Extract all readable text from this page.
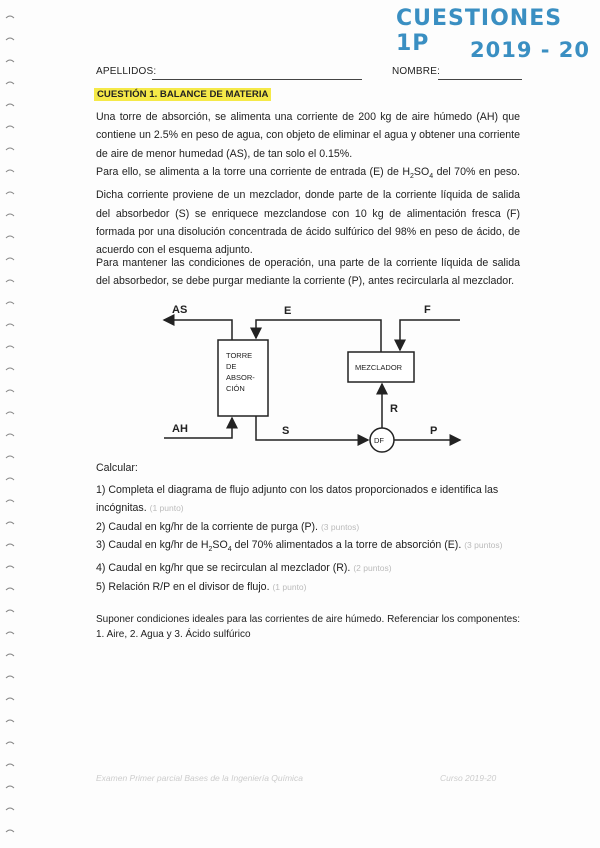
CUESTIONES 1P	2019 - 20
APELLIDOS:	NOMBRE:
CUESTIÓN 1. BALANCE DE MATERIA
Una torre de absorción, se alimenta una corriente de 200 kg de aire húmedo (AH) que contiene un 2.5% en peso de agua, con objeto de eliminar el agua y obtener una corriente de aire de menor humedad (AS), de tan solo el 0.15%.
Para ello, se alimenta a la torre una corriente de entrada (E) de $H_2SO_4$ del 70% en peso. Dicha corriente proviene de un mezclador, donde parte de la corriente líquida de salida del absorbedor (S) se enriquece mezclandose con 10 kg de alimentación fresca (F) formada por una disolución concentrada de ácido sulfúrico del 98% en peso de ácido, de acuerdo con el esquema adjunto.
Para mantener las condiciones de operación, una parte de la corriente líquida de salida del absorbedor, se debe purgar mediante la corriente (P), antes recircularla al mezclador.
AS	E	F
AH	S
R
P
TORRE
DE
ABSOR-
CIÓN
MEZCLADOR
DF
Calcular:

1) Completa el diagrama de flujo adjunto con los datos proporcionados e identifica las incógnitas. (1 punto)

2) Caudal en kg/hr de la corriente de purga (P). (3 puntos)

3) Caudal en kg/hr de $H_2SO_4$ del 70% alimentados a la torre de absorción (E). (3 puntos)

4) Caudal en kg/hr que se recirculan al mezclador (R). (2 puntos)

5) Relación R/P en el divisor de flujo. (1 punto)

Suponer condiciones ideales para las corrientes de aire húmedo. Referenciar los componentes: 1. Aire, 2. Agua y 3. Ácido sulfúrico
Examen Primer parcial Bases de la Ingeniería Química	Curso 2019-20
